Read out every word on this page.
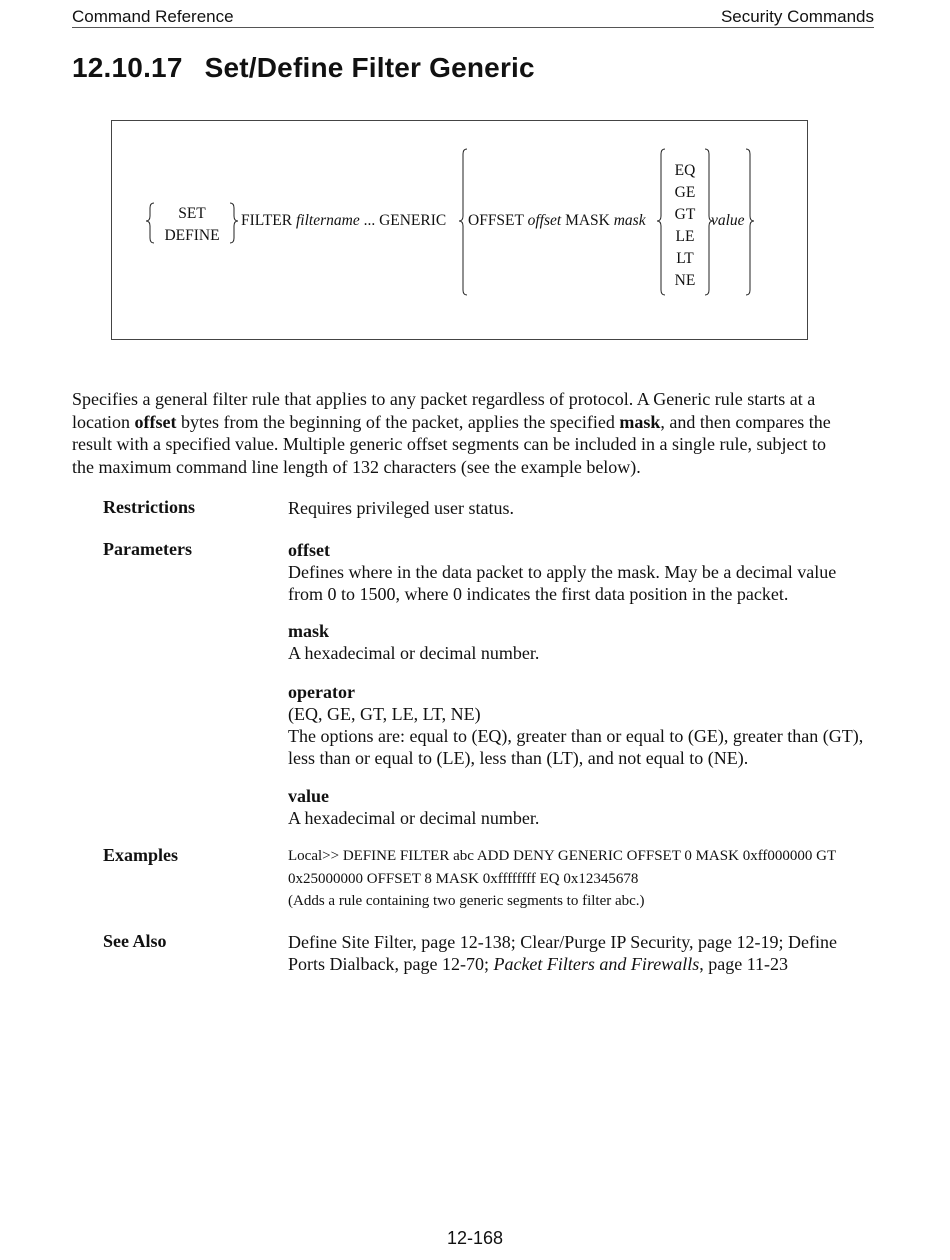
Command Reference	Security Commands
12.10.17 Set/Define Filter Generic
SET
DEFINE
FILTER filtername ... GENERIC OFFSET offset MASK mask
EQ
GE
GT
LE
LT
NE
value

Specifies a general filter rule that applies to any packet regardless of protocol. A Generic rule starts at a
location offset bytes from the beginning of the packet, applies the specified mask, and then compares the
result with a specified value. Multiple generic offset segments can be included in a single rule, subject to
the maximum command line length of 132 characters (see the example below).

Restrictions	Requires privileged user status.
Parameters	offset
Defines where in the data packet to apply the mask. May be a decimal value
from 0 to 1500, where 0 indicates the first data position in the packet.
mask
A hexadecimal or decimal number.
operator
(EQ, GE, GT, LE, LT, NE)
The options are: equal to (EQ), greater than or equal to (GE), greater than (GT),
less than or equal to (LE), less than (LT), and not equal to (NE).
value
A hexadecimal or decimal number.
Examples	Local>> DEFINE FILTER abc ADD DENY GENERIC OFFSET 0 MASK 0xff000000 GT
0x25000000 OFFSET 8 MASK 0xffffffff EQ 0x12345678
(Adds a rule containing two generic segments to filter abc.)
See Also	Define Site Filter, page 12-138; Clear/Purge IP Security, page 12-19; Define
Ports Dialback, page 12-70; Packet Filters and Firewalls, page 11-23
12-168
